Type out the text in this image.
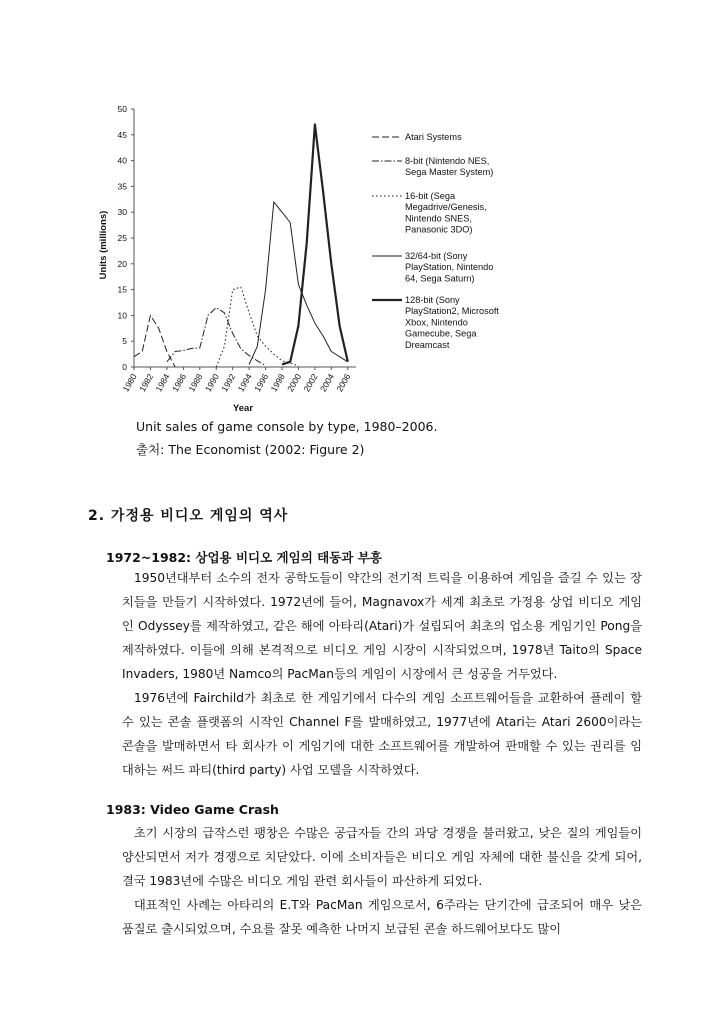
0
5
10
15
20
25
30
35
40
45
50
1980
1982
1984
1986
1988
1990
1992
1994
1996
1998
2000
2002
2004
2006
Atari Systems
8-bit (Nintendo NES,
Sega Master System)
16-bit (Sega
Megadrive/Genesis,
Nintendo SNES,
Panasonic 3DO)
32/64-bit (Sony
PlayStation, Nintendo
64, Sega Saturn)
128-bit (Sony
PlayStation2, Microsoft
Xbox, Nintendo
Gamecube, Sega
Dreamcast
Year
Units (millions)
Unit sales of game console by type, 1980–2006.
출처: The Economist (2002: Figure 2)
2. 가정용 비디오 게임의 역사
1972~1982: 상업용 비디오 게임의 태동과 부흥

1950년대부터 소수의 전자 공학도들이 약간의 전기적 트릭을 이용하여 게임을 즐길 수 있는 장치들을 만들기 시작하였다. 1972년에 들어, Magnavox가 세계 최초로 가정용 상업 비디오 게임인 Odyssey를 제작하였고, 같은 해에 아타리(Atari)가 설립되어 최초의 업소용 게임기인 Pong을 제작하였다. 이들에 의해 본격적으로 비디오 게임 시장이 시작되었으며, 1978년 Taito의 Space Invaders, 1980년 Namco의 PacMan등의 게임이 시장에서 큰 성공을 거두었다.

1976년에 Fairchild가 최초로 한 게임기에서 다수의 게임 소프트웨어들을 교환하여 플레이 할 수 있는 콘솔 플랫폼의 시작인 Channel F를 발매하였고, 1977년에 Atari는 Atari 2600이라는 콘솔을 발매하면서 타 회사가 이 게임기에 대한 소프트웨어를 개발하여 판매할 수 있는 권리를 임대하는 써드 파티(third party) 사업 모델을 시작하였다.

1983: Video Game Crash

초기 시장의 급작스런 팽창은 수많은 공급자들 간의 과당 경쟁을 불러왔고, 낮은 질의 게임들이 양산되면서 저가 경쟁으로 치닫았다. 이에 소비자들은 비디오 게임 자체에 대한 불신을 갖게 되어, 결국 1983년에 수많은 비디오 게임 관련 회사들이 파산하게 되었다.

대표적인 사례는 아타리의 E.T와 PacMan 게임으로서, 6주라는 단기간에 급조되어 매우 낮은 품질로 출시되었으며, 수요를 잘못 예측한 나머지 보급된 콘솔 하드웨어보다도 많이
